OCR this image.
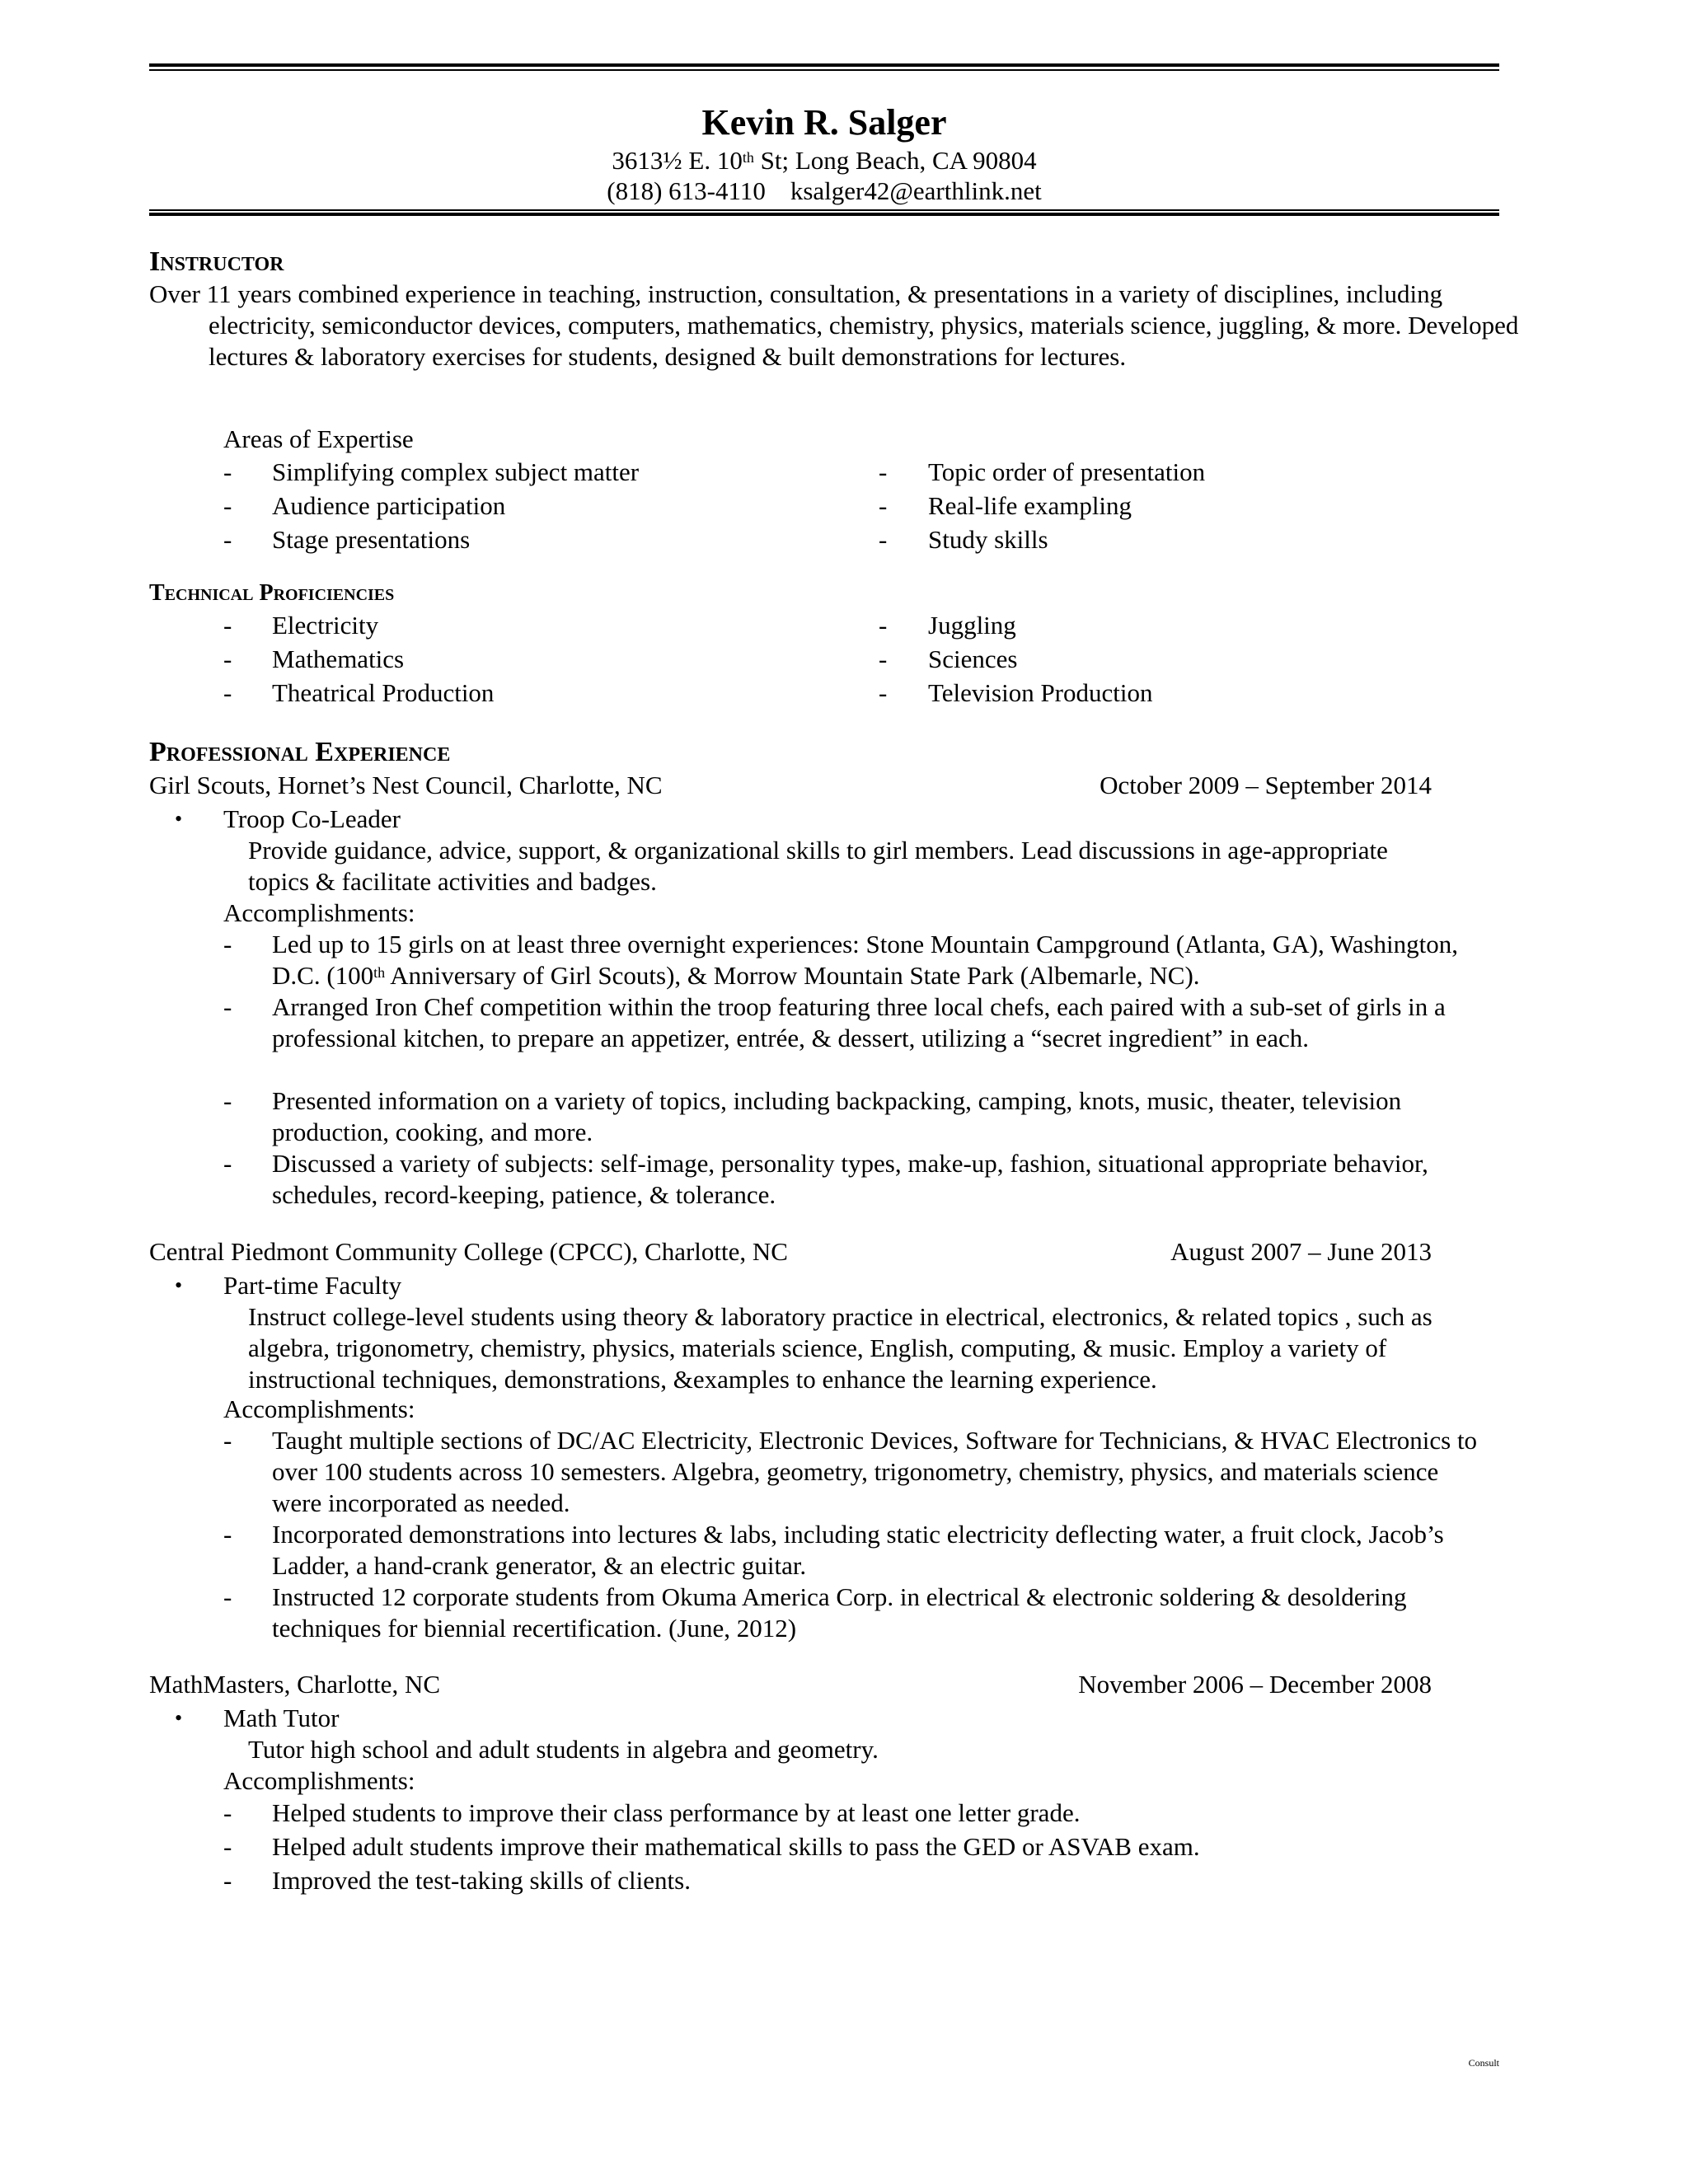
Kevin R. Salger
3613½ E. 10th St; Long Beach, CA 90804
(818) 613-4110 ksalger42@earthlink.net
Instructor
Over 11 years combined experience in teaching, instruction, consultation, & presentations in a variety of disciplines, including electricity, semiconductor devices, computers, mathematics, chemistry, physics, materials science, juggling, & more. Developed lectures & laboratory exercises for students, designed & built demonstrations for lectures.
Areas of Expertise
- Simplifying complex subject matter
- Audience participation
- Stage presentations
- Topic order of presentation
- Real-life exampling
- Study skills
Technical Proficiencies
- Electricity
- Mathematics
- Theatrical Production
- Juggling
- Sciences
- Television Production
Professional Experience
Girl Scouts, Hornet’s Nest Council, Charlotte, NC	October 2009 – September 2014
• Troop Co-Leader
Provide guidance, advice, support, & organizational skills to girl members. Lead discussions in age-appropriate topics & facilitate activities and badges.
Accomplishments:
- Led up to 15 girls on at least three overnight experiences: Stone Mountain Campground (Atlanta, GA), Washington, D.C. (100th Anniversary of Girl Scouts), & Morrow Mountain State Park (Albemarle, NC).
- Arranged Iron Chef competition within the troop featuring three local chefs, each paired with a sub-set of girls in a professional kitchen, to prepare an appetizer, entrée, & dessert, utilizing a “secret ingredient” in each.
- Presented information on a variety of topics, including backpacking, camping, knots, music, theater, television production, cooking, and more.
- Discussed a variety of subjects: self-image, personality types, make-up, fashion, situational appropriate behavior, schedules, record-keeping, patience, & tolerance.
Central Piedmont Community College (CPCC), Charlotte, NC	August 2007 – June 2013
• Part-time Faculty
Instruct college-level students using theory & laboratory practice in electrical, electronics, & related topics , such as algebra, trigonometry, chemistry, physics, materials science, English, computing, & music. Employ a variety of instructional techniques, demonstrations, &examples to enhance the learning experience.
Accomplishments:
- Taught multiple sections of DC/AC Electricity, Electronic Devices, Software for Technicians, & HVAC Electronics to over 100 students across 10 semesters. Algebra, geometry, trigonometry, chemistry, physics, and materials science were incorporated as needed.
- Incorporated demonstrations into lectures & labs, including static electricity deflecting water, a fruit clock, Jacob’s Ladder, a hand-crank generator, & an electric guitar.
- Instructed 12 corporate students from Okuma America Corp. in electrical & electronic soldering & desoldering techniques for biennial recertification. (June, 2012)
MathMasters, Charlotte, NC	November 2006 – December 2008
• Math Tutor
Tutor high school and adult students in algebra and geometry.
Accomplishments:
- Helped students to improve their class performance by at least one letter grade.
- Helped adult students improve their mathematical skills to pass the GED or ASVAB exam.
- Improved the test-taking skills of clients.
Consult
